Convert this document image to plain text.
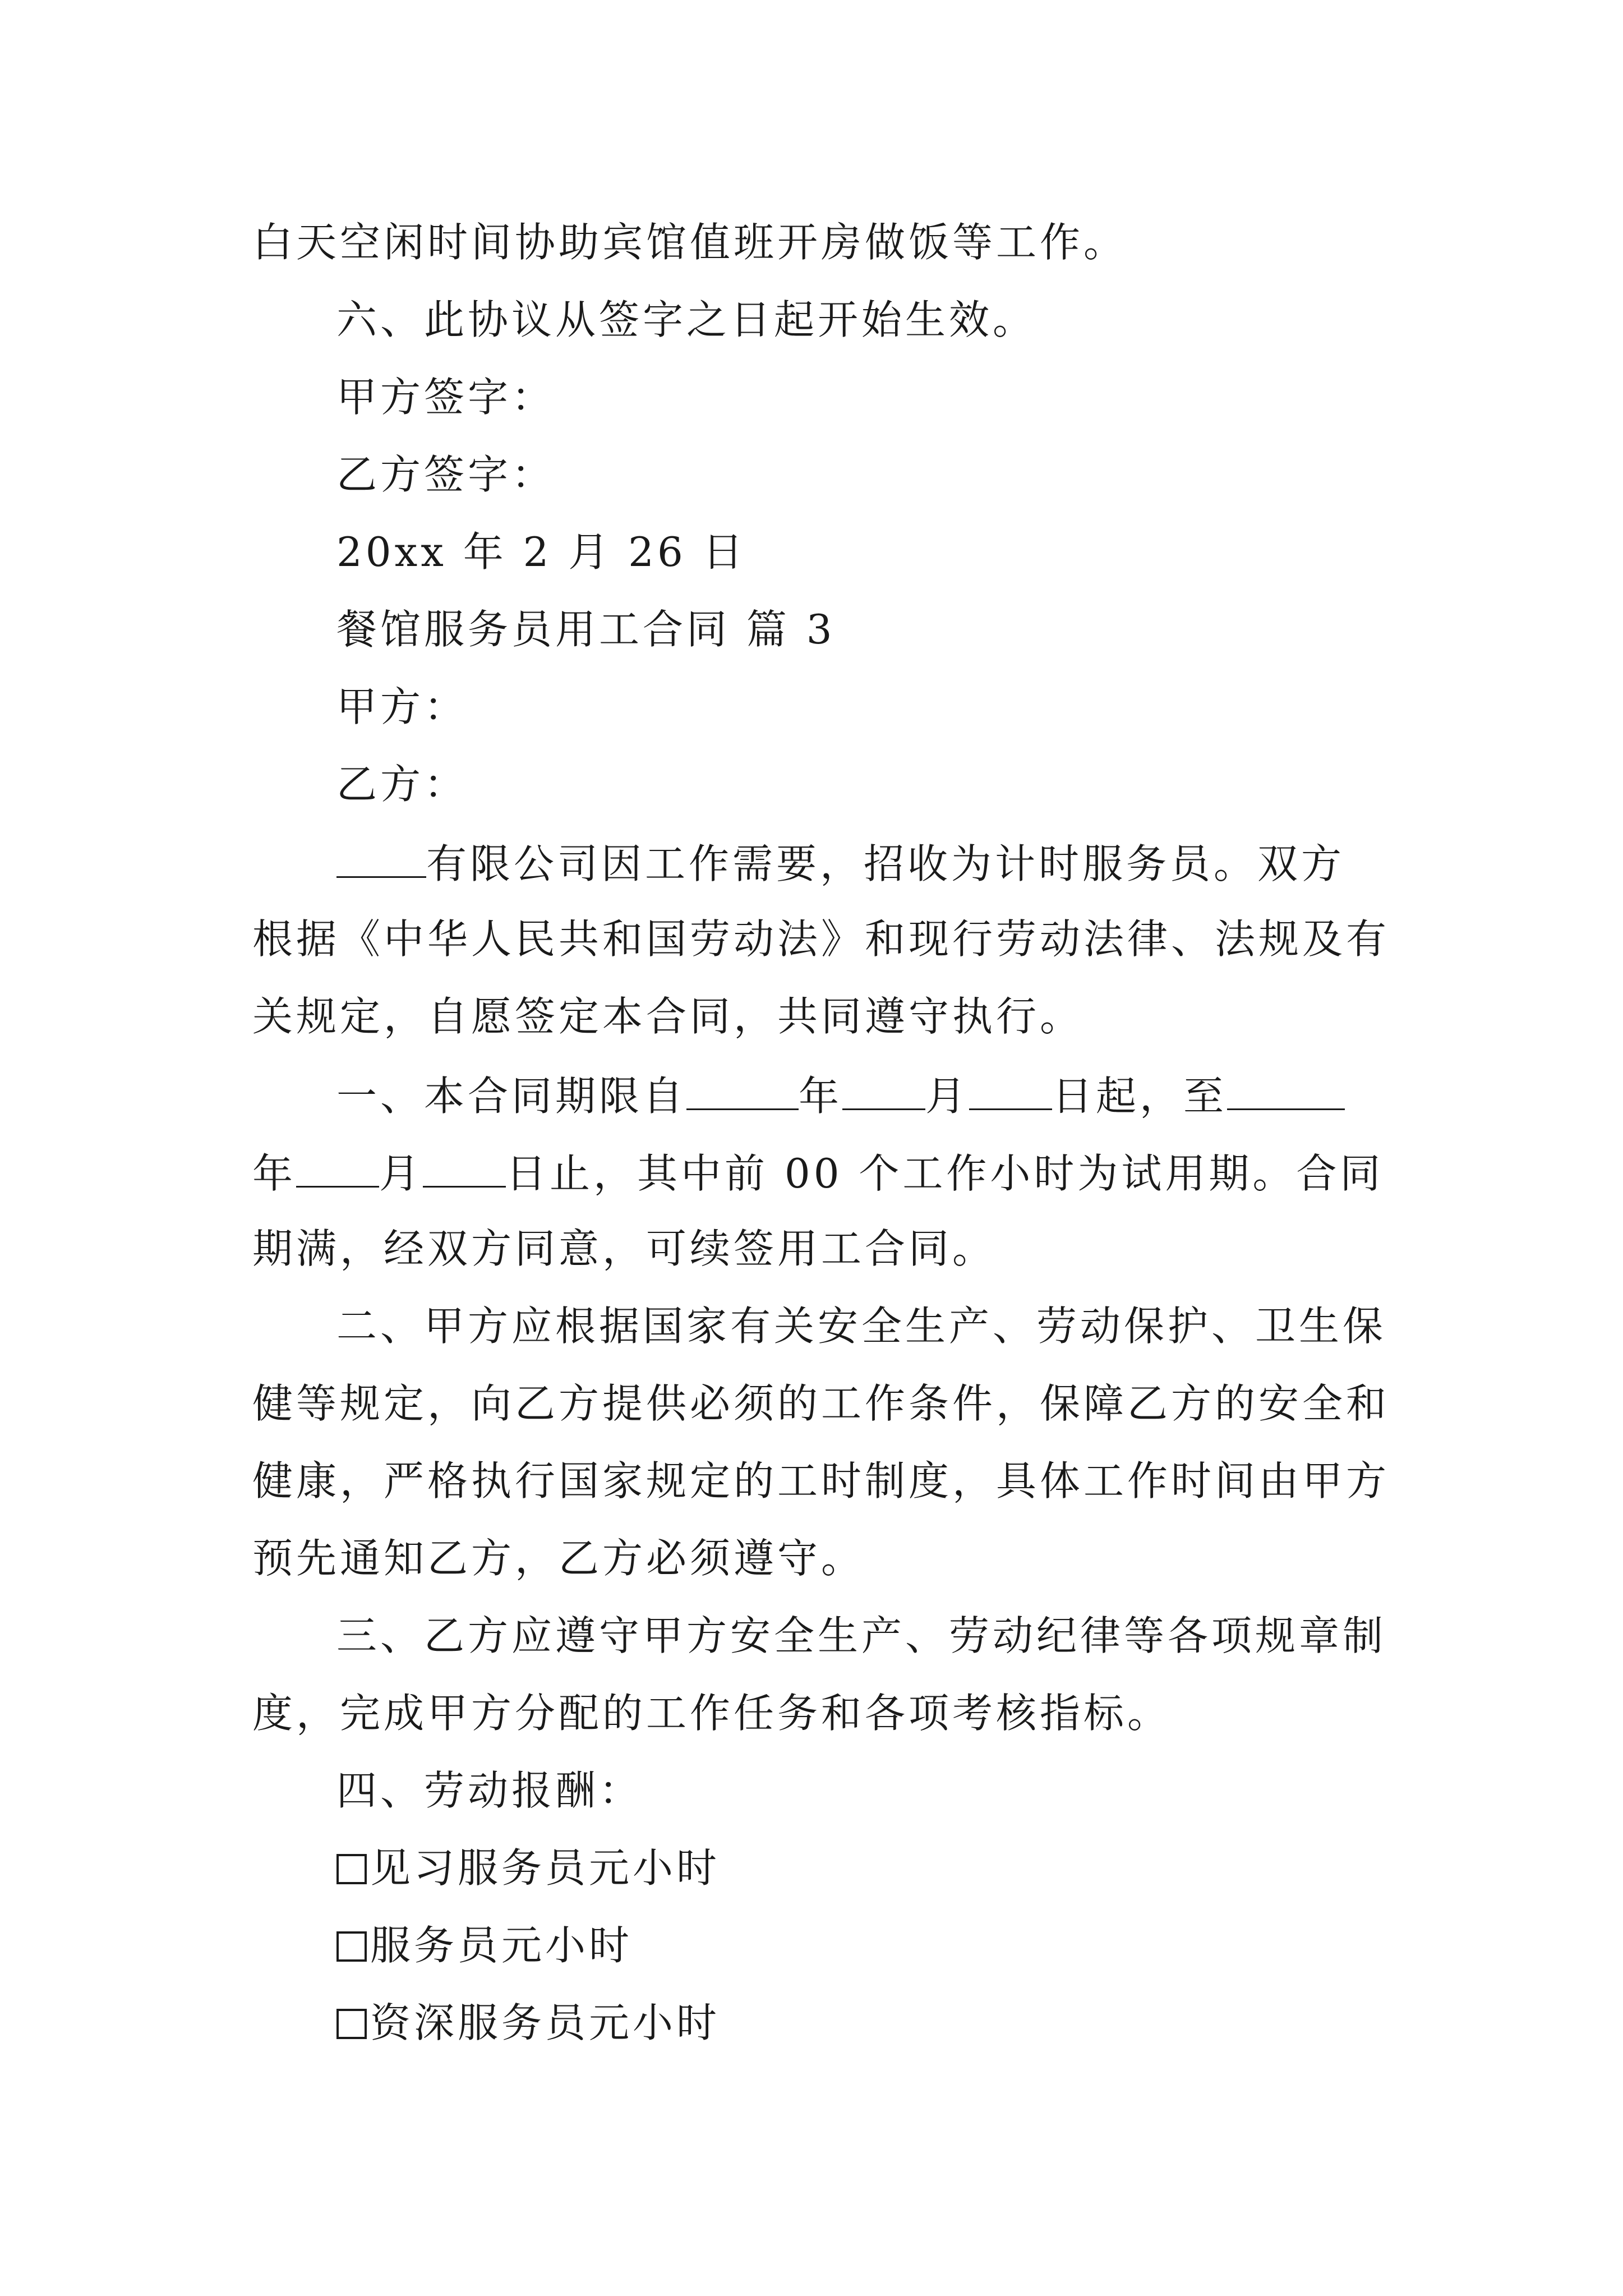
白天空闲时间协助宾馆值班开房做饭等工作。
六、此协议从签字之日起开始生效。
甲方签字：
乙方签字：
20xx 年 2 月 26 日
餐馆服务员用工合同 篇 3
甲方：
乙方：
有限公司因工作需要，招收为计时服务员。双方
根据《中华人民共和国劳动法》和现行劳动法律、法规及有
关规定，自愿签定本合同，共同遵守执行。
一、本合同期限自	年 月 日起，至
年 月 日止，其中前 00 个工作小时为试用期。合同
期满，经双方同意，可续签用工合同。
二、甲方应根据国家有关安全生产、劳动保护、卫生保
健等规定，向乙方提供必须的工作条件，保障乙方的安全和
健康，严格执行国家规定的工时制度，具体工作时间由甲方
预先通知乙方，乙方必须遵守。
三、乙方应遵守甲方安全生产、劳动纪律等各项规章制
度，完成甲方分配的工作任务和各项考核指标。
四、劳动报酬：
见习服务员元小时
服务员元小时
资深服务员元小时
